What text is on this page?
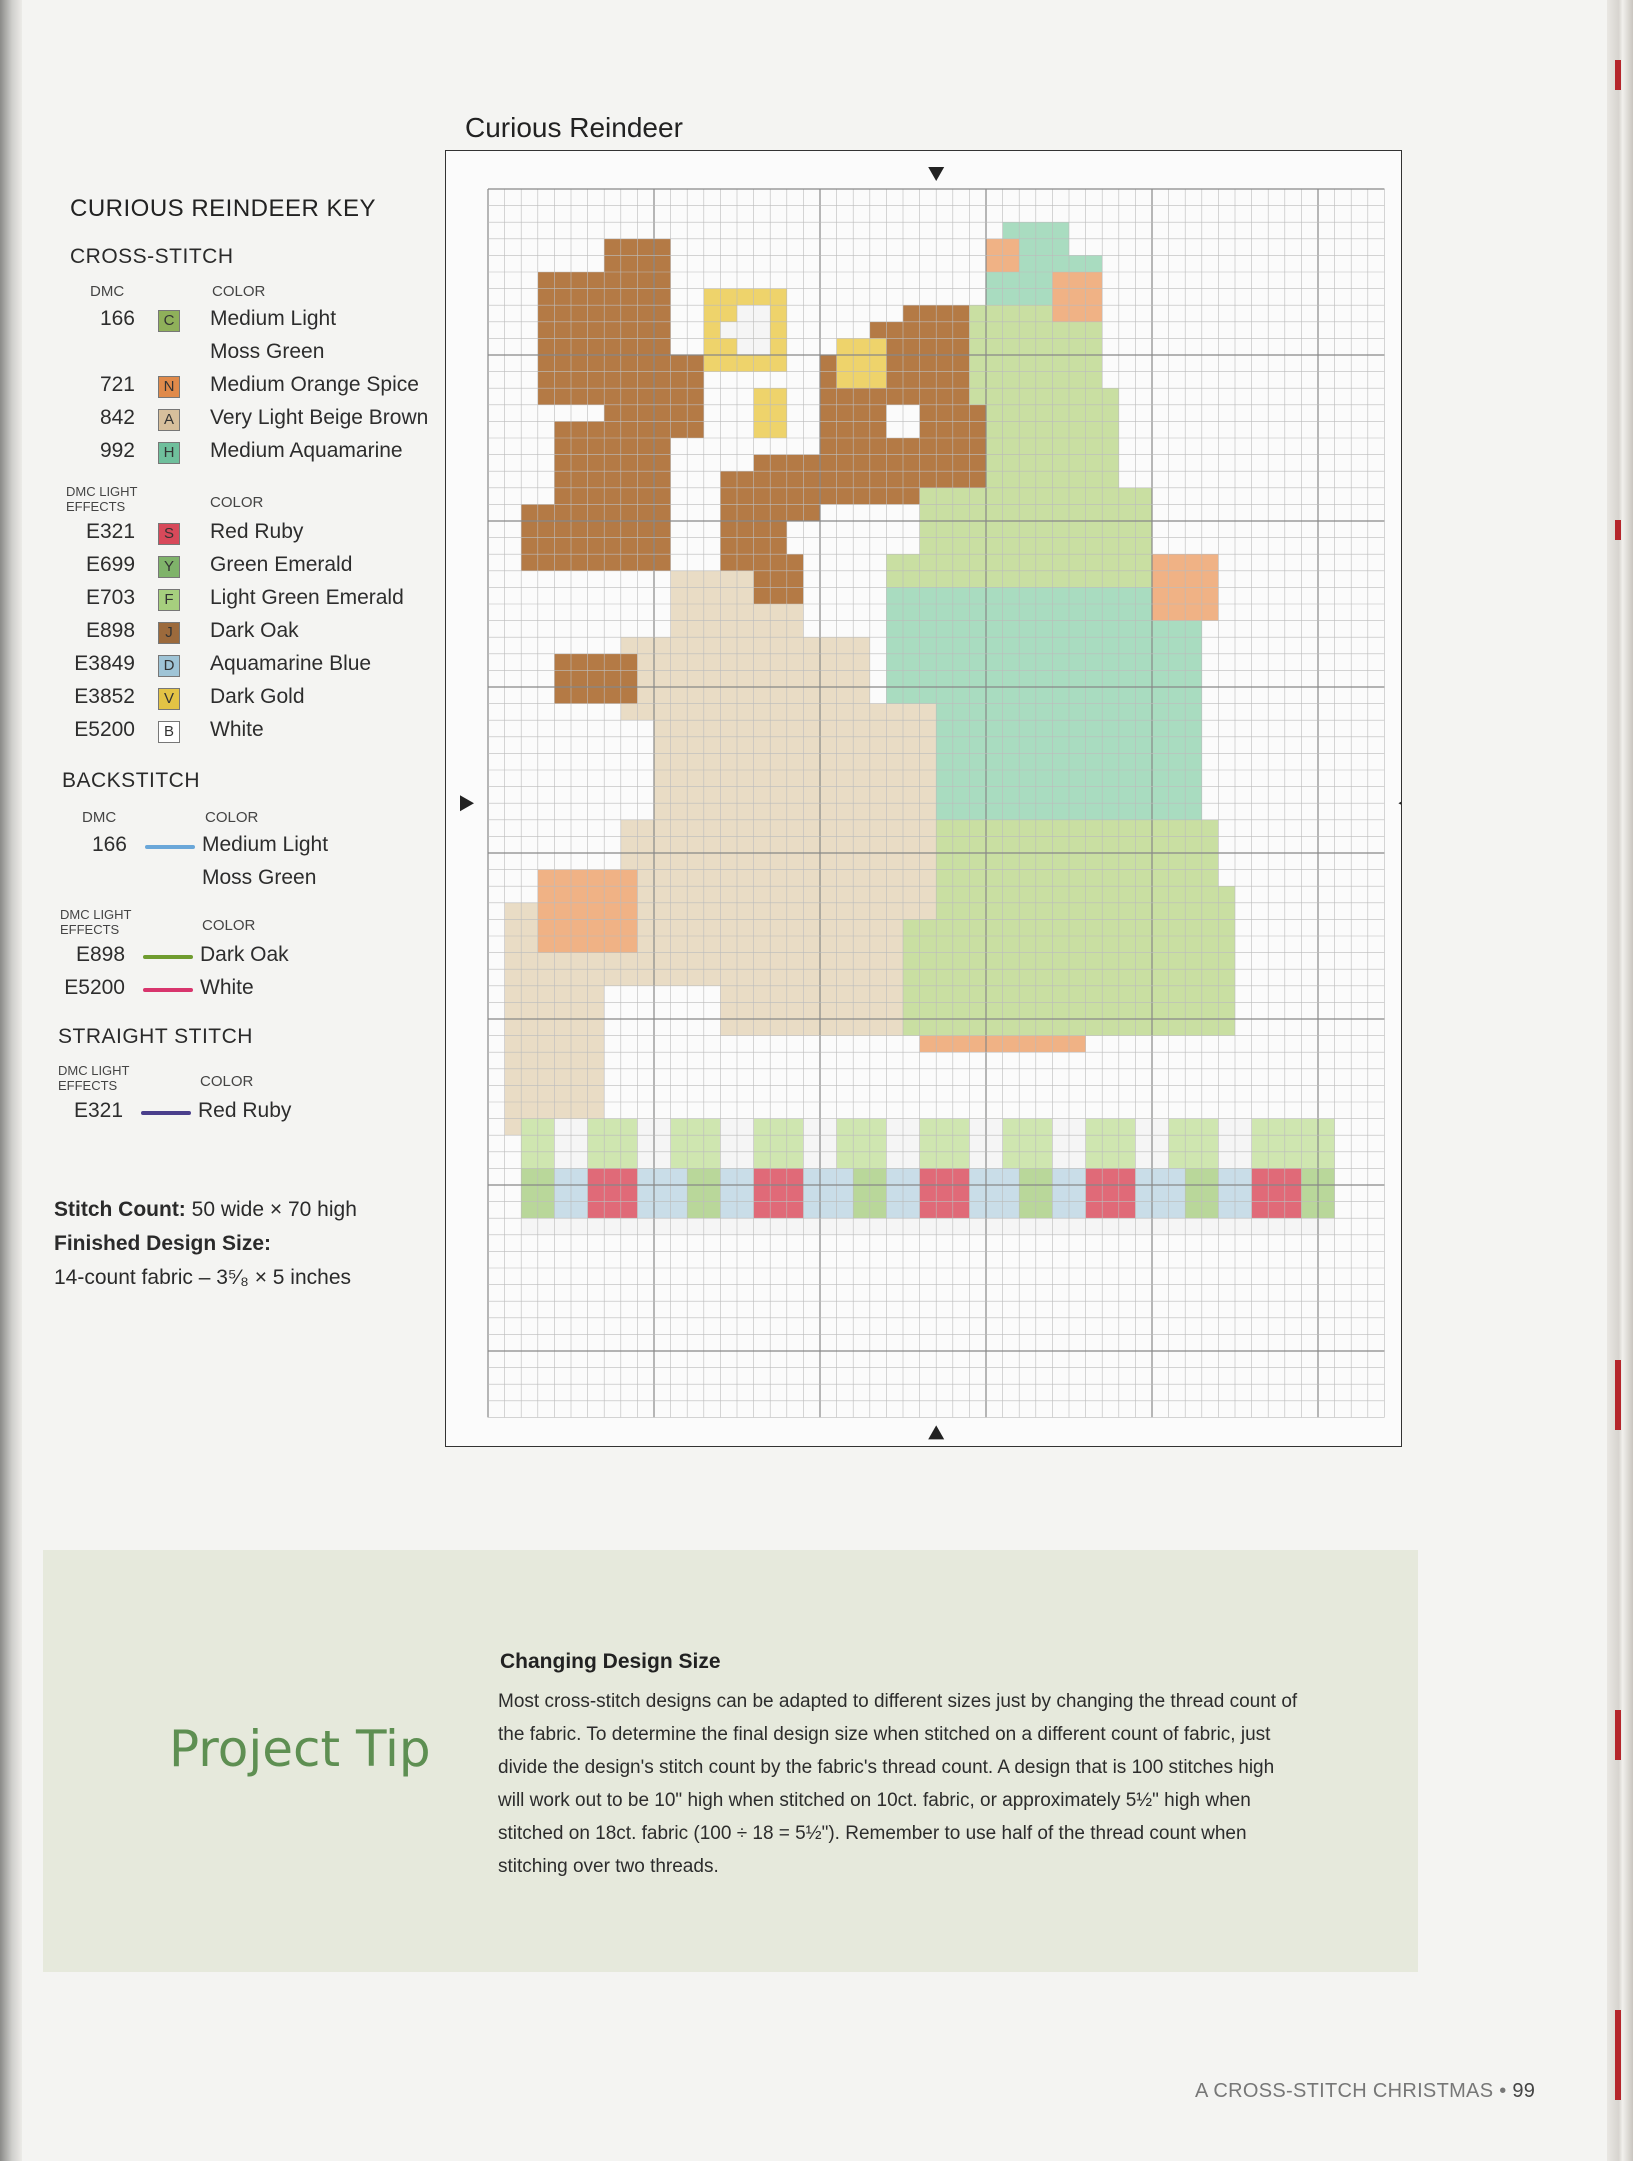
CURIOUS REINDEER KEY
CROSS-STITCH
DMC	COLOR
166	C Medium Light
Moss Green
721	N Medium Orange Spice
842	A Very Light Beige Brown
992	H Medium Aquamarine
DMC LIGHT EFFECTS	COLOR
E321	S Red Ruby
E699	Y Green Emerald
E703	F	Light Green Emerald
E898	J	Dark Oak
E3849	D Aquamarine Blue
E3852	V Dark Gold
E5200	B White
BACKSTITCH
DMC	COLOR
166	Medium Light
Moss Green
DMC LIGHT EFFECTS	COLOR
E898	Dark Oak
E5200	White
STRAIGHT STITCH
DMC LIGHT EFFECTS	COLOR
E321	Red Ruby
Stitch Count: 50 wide × 70 high
Finished Design Size:
14-count fabric – 3⁵⁄₈ × 5 inches
Curious Reindeer
Project Tip
Changing Design Size
Most cross-stitch designs can be adapted to different sizes just by changing the thread count of the fabric. To determine the final design size when stitched on a different count of fabric, just divide the design's stitch count by the fabric's thread count. A design that is 100 stitches high will work out to be 10" high when stitched on 10ct. fabric, or approximately 5½" high when stitched on 18ct. fabric (100 ÷ 18 = 5½"). Remember to use half of the thread count when stitching over two threads.
A CROSS-STITCH CHRISTMAS • 99
